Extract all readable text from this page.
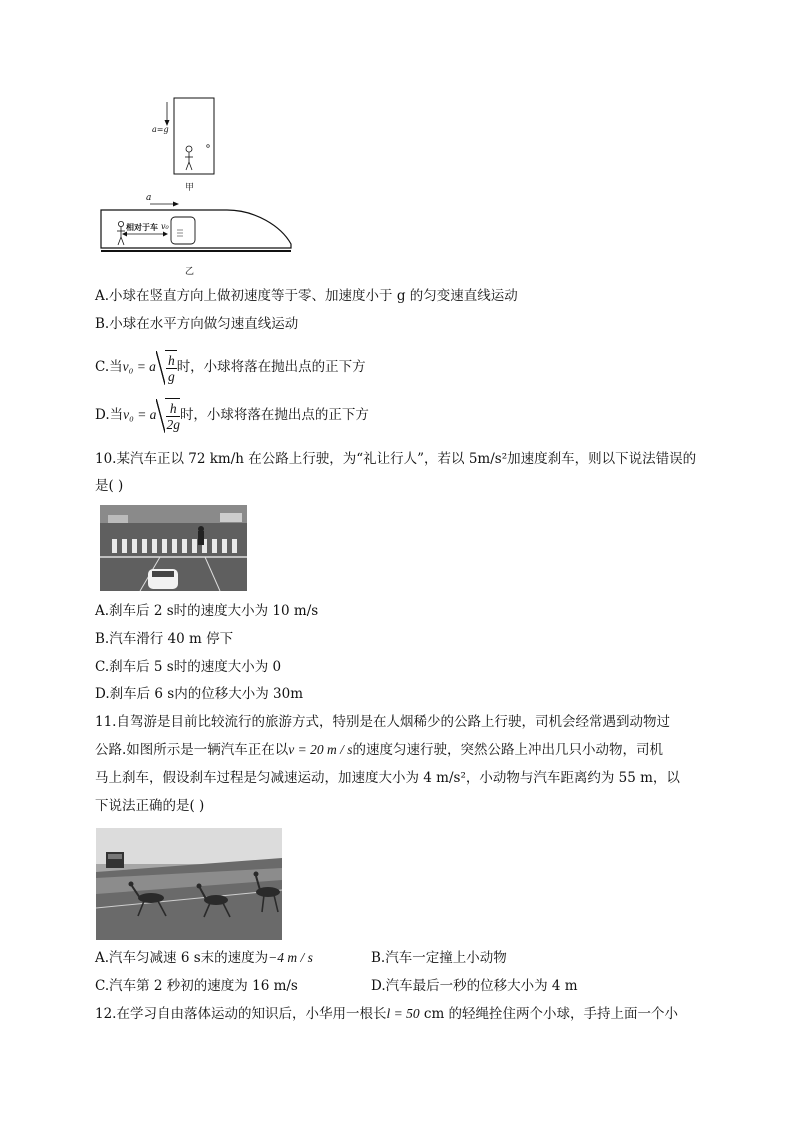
a=g
甲
a
相对于车 v₀
乙
A.小球在竖直方向上做初速度等于零、加速度小于 g 的匀变速直线运动
B.小球在水平方向做匀速直线运动
C.当v₀ = a $\frac{h}{g}$ 时，小球将落在抛出点的正下方
D.当v₀ = a $\frac{h}{2g}$ 时，小球将落在抛出点的正下方
10.某汽车正以 72 km/h 在公路上行驶，为“礼让行人”，若以 5m/s²加速度刹车，则以下说法错误的
是( )
A.刹车后 2 s时的速度大小为 10 m/s
B.汽车滑行 40 m 停下
C.刹车后 5 s时的速度大小为 0
D.刹车后 6 s内的位移大小为 30m
11.自驾游是目前比较流行的旅游方式，特别是在人烟稀少的公路上行驶，司机会经常遇到动物过
公路.如图所示是一辆汽车正在以v = 20 m / s的速度匀速行驶，突然公路上冲出几只小动物，司机
马上刹车，假设刹车过程是匀减速运动，加速度大小为 4 m/s²，小动物与汽车距离约为 55 m，以
下说法正确的是( )
A.汽车匀减速 6 s末的速度为−4 m / s	B.汽车一定撞上小动物
C.汽车第 2 秒初的速度为 16 m/s	D.汽车最后一秒的位移大小为 4 m
12.在学习自由落体运动的知识后，小华用一根长l = 50 cm 的轻绳拴住两个小球，手持上面一个小
